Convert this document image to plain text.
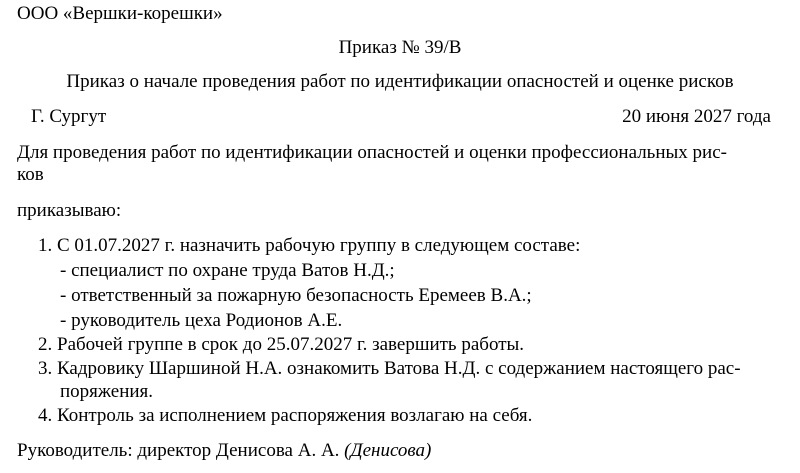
ООО «Вершки-корешки»
Приказ № 39/В
Приказ о начале проведения работ по идентификации опасностей и оценке рисков
Г. Сургут	20 июня 2027 года
Для проведения работ по идентификации опасностей и оценки профессиональных рис-
ков
приказываю:
1. С 01.07.2027 г. назначить рабочую группу в следующем составе:
- специалист по охране труда Ватов Н.Д.;
- ответственный за пожарную безопасность Еремеев В.А.;
- руководитель цеха Родионов А.Е.
2. Рабочей группе в срок до 25.07.2027 г. завершить работы.
3. Кадровику Шаршиной Н.А. ознакомить Ватова Н.Д. с содержанием настоящего рас-
поряжения.
4. Контроль за исполнением распоряжения возлагаю на себя.
Руководитель: директор Денисова А. А. (Денисова)
